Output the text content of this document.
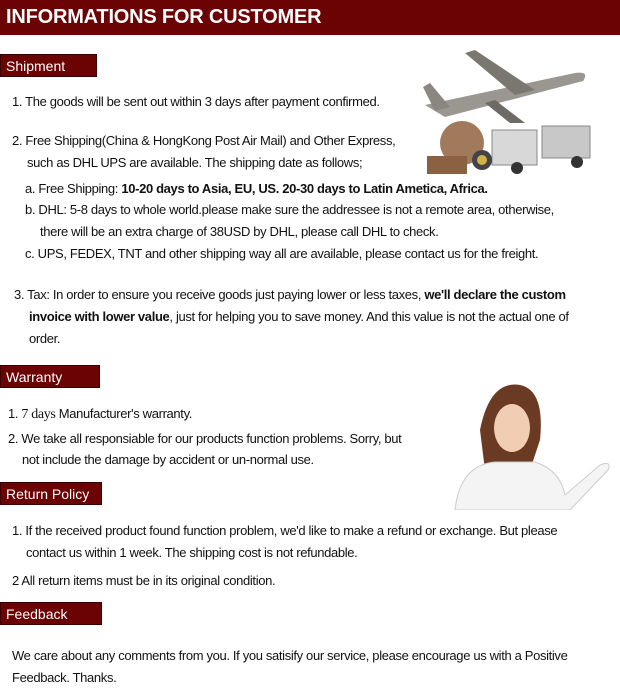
INFORMATIONS FOR CUSTOMER
Shipment
1. The goods will be sent out within 3 days after payment confirmed.
2. Free Shipping(China & HongKong Post Air Mail) and Other Express,
such as DHL UPS are available. The shipping date as follows;
a. Free Shipping: 10-20 days to Asia, EU, US. 20-30 days to Latin Ametica, Africa.
b. DHL: 5-8 days to whole world.please make sure the addressee is not a remote area, otherwise,
there will be an extra charge of 38USD by DHL, please call DHL to check.
c. UPS, FEDEX, TNT and other shipping way all are available, please contact us for the freight.
3. Tax: In order to ensure you receive goods just paying lower or less taxes, we'll declare the custom
invoice with lower value, just for helping you to save money. And this value is not the actual one of
order.
Warranty
1. 7 days Manufacturer's warranty.
2. We take all responsiable for our products function problems. Sorry, but
not include the damage by accident or un-normal use.
Return Policy
1. If the received product found function problem, we'd like to make a refund or exchange. But please
contact us within 1 week. The shipping cost is not refundable.
2 All return items must be in its original condition.
Feedback
We care about any comments from you. If you satisify our service, please encourage us with a Positive
Feedback. Thanks.
